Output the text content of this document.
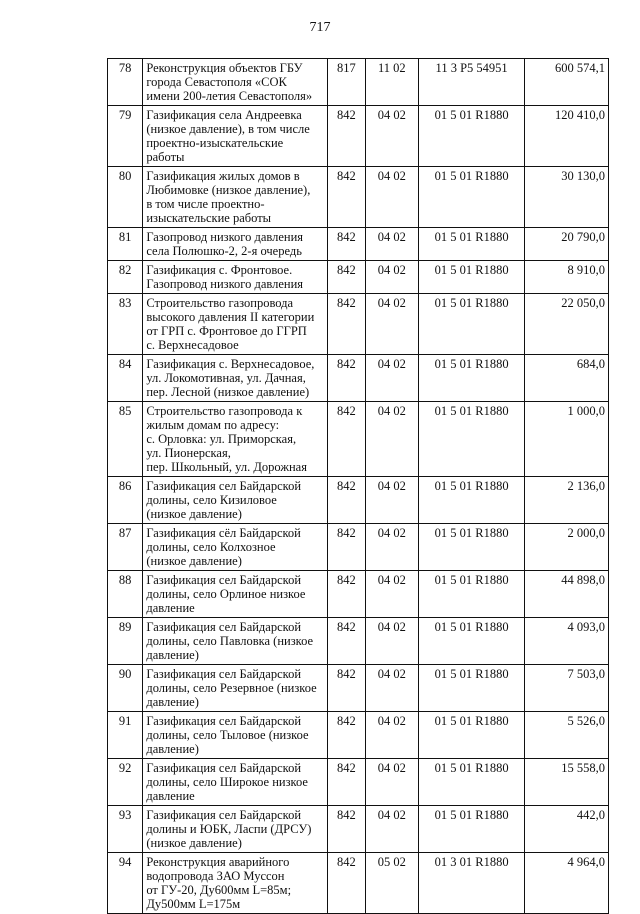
717
78	Реконструкция объектов ГБУ
города Севастополя «СОК
имени 200-летия Севастополя»	817	11 02	11 3 P5 54951	600 574,1
79	Газификация села Андреевка
(низкое давление), в том числе
проектно-изыскательские
работы	842	04 02	01 5 01 R1880	120 410,0
80	Газификация жилых домов в
Любимовке (низкое давление),
в том числе проектно-
изыскательские работы	842	04 02	01 5 01 R1880	30 130,0
81	Газопровод низкого давления
села Полюшко-2, 2-я очередь	842	04 02	01 5 01 R1880	20 790,0
82	Газификация с. Фронтовое.
Газопровод низкого давления	842	04 02	01 5 01 R1880	8 910,0
83	Строительство газопровода
высокого давления II категории
от ГРП с. Фронтовое до ГГРП
с. Верхнесадовое	842	04 02	01 5 01 R1880	22 050,0
84	Газификация с. Верхнесадовое,
ул. Локомотивная, ул. Дачная,
пер. Лесной (низкое давление)	842	04 02	01 5 01 R1880	684,0
85	Строительство газопровода к
жилым домам по адресу:
с. Орловка: ул. Приморская,
ул. Пионерская,
пер. Школьный, ул. Дорожная	842	04 02	01 5 01 R1880	1 000,0
86	Газификация сел Байдарской
долины, село Кизиловое
(низкое давление)	842	04 02	01 5 01 R1880	2 136,0
87	Газификация сёл Байдарской
долины, село Колхозное
(низкое давление)	842	04 02	01 5 01 R1880	2 000,0
88	Газификация сел Байдарской
долины, село Орлиное низкое
давление	842	04 02	01 5 01 R1880	44 898,0
89	Газификация сел Байдарской
долины, село Павловка (низкое
давление)	842	04 02	01 5 01 R1880	4 093,0
90	Газификация сел Байдарской
долины, село Резервное (низкое
давление)	842	04 02	01 5 01 R1880	7 503,0
91	Газификация сел Байдарской
долины, село Тыловое (низкое
давление)	842	04 02	01 5 01 R1880	5 526,0
92	Газификация сел Байдарской
долины, село Широкое низкое
давление	842	04 02	01 5 01 R1880	15 558,0
93	Газификация сел Байдарской
долины и ЮБК, Ласпи (ДРСУ)
(низкое давление)	842	04 02	01 5 01 R1880	442,0
94	Реконструкция аварийного
водопровода ЗАО Муссон
от ГУ-20, Ду600мм L=85м;
Ду500мм L=175м	842	05 02	01 3 01 R1880	4 964,0
